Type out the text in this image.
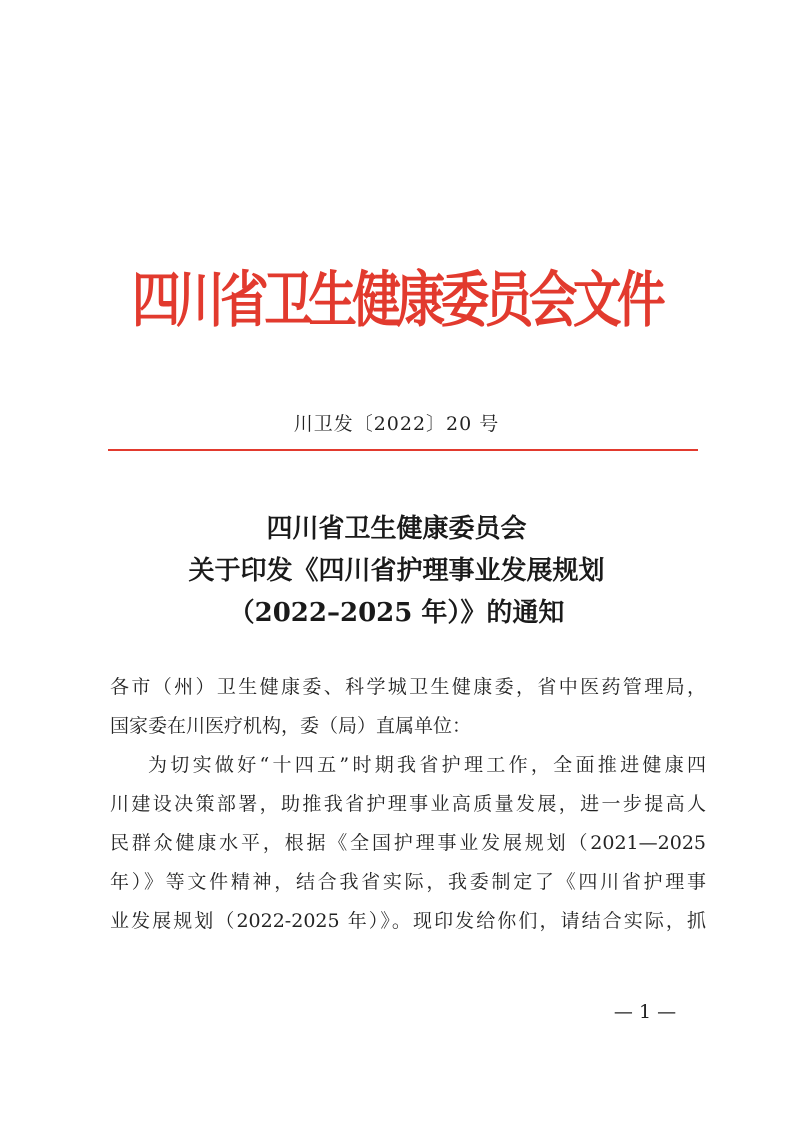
四川省卫生健康委员会文件
川卫发〔2022〕20 号
四川省卫生健康委员会
关于印发《四川省护理事业发展规划
（2022–2025 年）》的通知
各市（州）卫生健康委、科学城卫生健康委，省中医药管理局，
国家委在川医疗机构，委（局）直属单位：
为切实做好“十四五”时期我省护理工作，全面推进健康四
川建设决策部署，助推我省护理事业高质量发展，进一步提高人
民群众健康水平，根据《全国护理事业发展规划（2021—2025
年）》等文件精神，结合我省实际，我委制定了《四川省护理事
业发展规划（2022-2025 年）》。现印发给你们，请结合实际，抓
— 1 —
